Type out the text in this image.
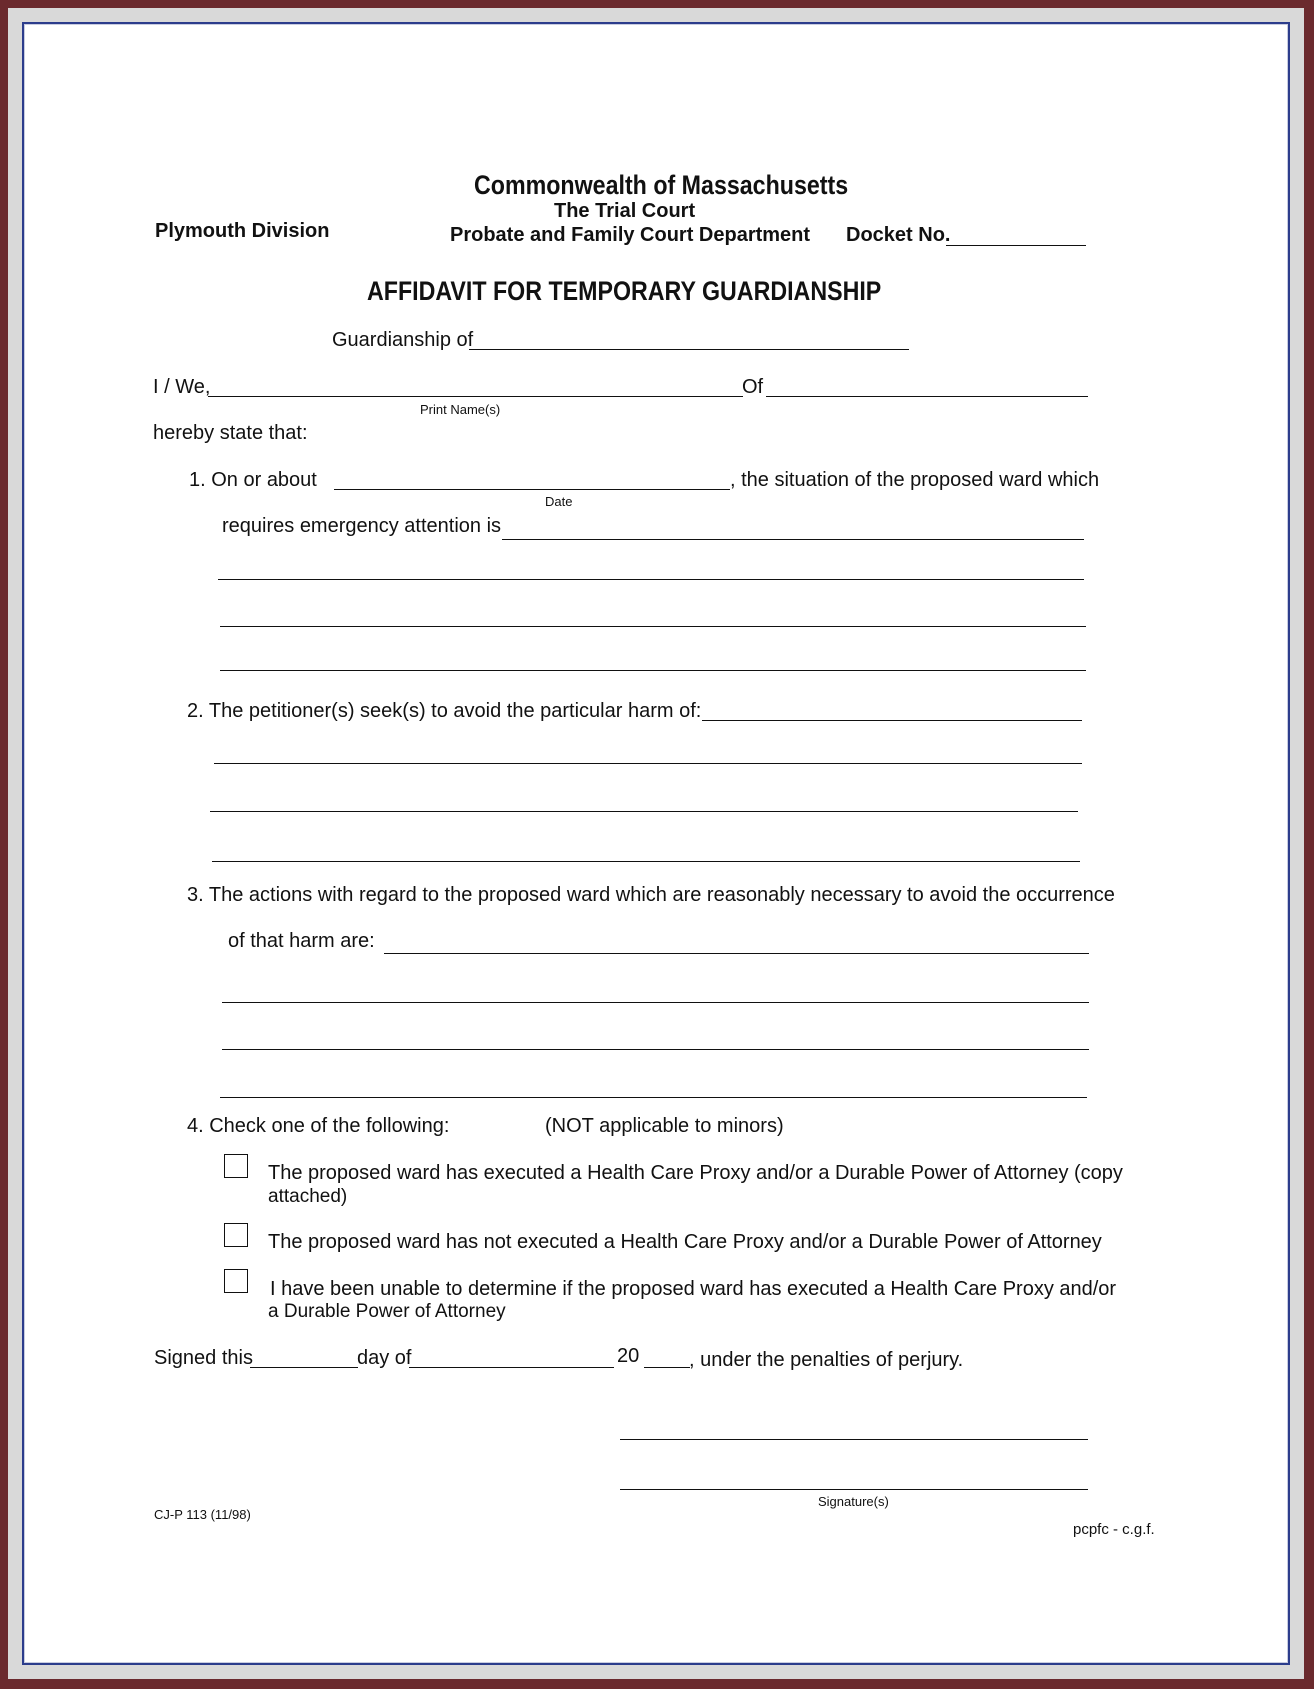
Commonwealth of Massachusetts
The Trial Court
Plymouth Division	Probate and Family Court Department Docket No.
AFFIDAVIT FOR TEMPORARY GUARDIANSHIP
Guardianship of
I / We,
Print Name(s)
Of
hereby state that:
1. On or about
Date
, the situation of the proposed ward which
requires emergency attention is
2. The petitioner(s) seek(s) to avoid the particular harm of:
3. The actions with regard to the proposed ward which are reasonably necessary to avoid the occurrence
of that harm are:
4. Check one of the following:	(NOT applicable to minors)
The proposed ward has executed a Health Care Proxy and/or a Durable Power of Attorney (copy
attached)
The proposed ward has not executed a Health Care Proxy and/or a Durable Power of Attorney
I have been unable to determine if the proposed ward has executed a Health Care Proxy and/or
a Durable Power of Attorney
Signed this	day of	20 , under the penalties of perjury.
Signature(s)
CJ-P 113 (11/98)
pcpfc - c.g.f.
